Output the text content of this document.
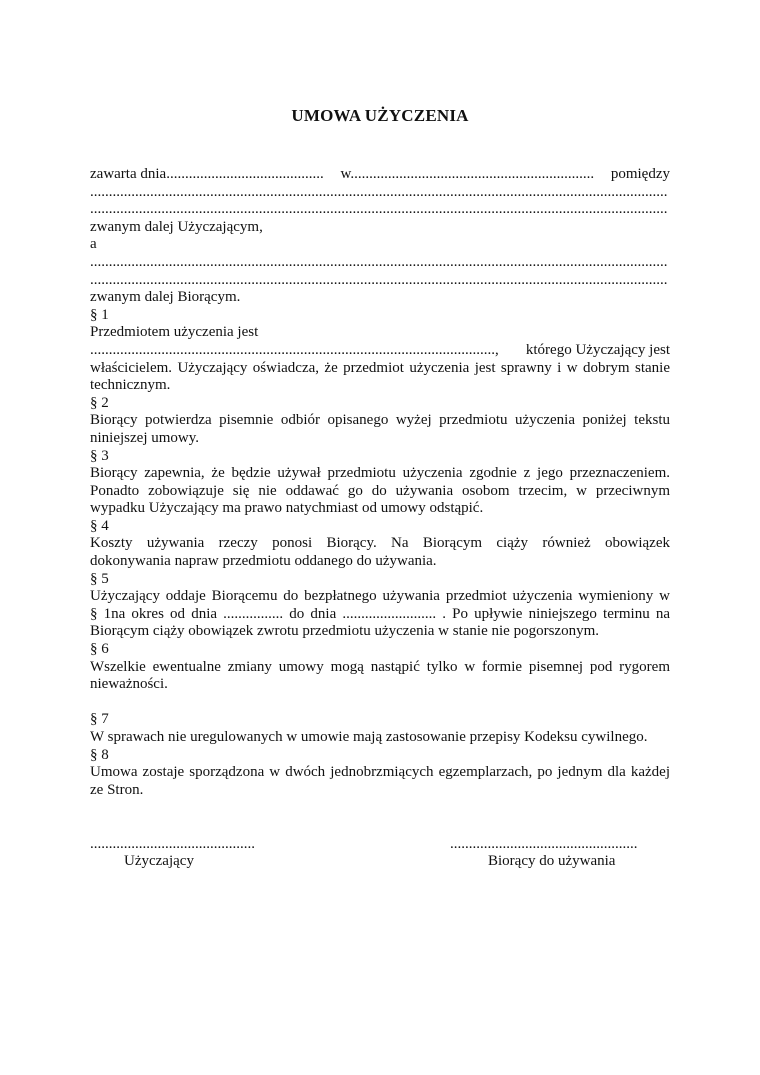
UMOWA UŻYCZENIA

zawarta dnia.......................................... w................................................................. pomiędzy

..........................................................................................................................................................

..........................................................................................................................................................

zwanym dalej Użyczającym,

a

..........................................................................................................................................................

..........................................................................................................................................................

zwanym dalej Biorącym.

§ 1

Przedmiotem użyczenia jest

............................................................................................................, którego Użyczający jest

właścicielem. Użyczający oświadcza, że przedmiot użyczenia jest sprawny i w dobrym stanie

technicznym.

§ 2

Biorący potwierdza pisemnie odbiór opisanego wyżej przedmiotu użyczenia poniżej tekstu

niniejszej umowy.

§ 3

Biorący zapewnia, że będzie używał przedmiotu użyczenia zgodnie z jego przeznaczeniem.

Ponadto zobowiązuje się nie oddawać go do używania osobom trzecim, w przeciwnym

wypadku Użyczający ma prawo natychmiast od umowy odstąpić.

§ 4

Koszty używania rzeczy ponosi Biorący. Na Biorącym ciąży również obowiązek

dokonywania napraw przedmiotu oddanego do używania.

§ 5

Użyczający oddaje Biorącemu do bezpłatnego używania przedmiot użyczenia wymieniony w

§ 1na okres od dnia ................ do dnia ......................... . Po upływie niniejszego terminu na

Biorącym ciąży obowiązek zwrotu przedmiotu użyczenia w stanie nie pogorszonym.

§ 6

Wszelkie ewentualne zmiany umowy mogą nastąpić tylko w formie pisemnej pod rygorem

nieważności.

§ 7

W sprawach nie uregulowanych w umowie mają zastosowanie przepisy Kodeksu cywilnego.

§ 8

Umowa zostaje sporządzona w dwóch jednobrzmiących egzemplarzach, po jednym dla każdej

ze Stron.

............................................
Użyczający
..................................................
Biorący do używania
